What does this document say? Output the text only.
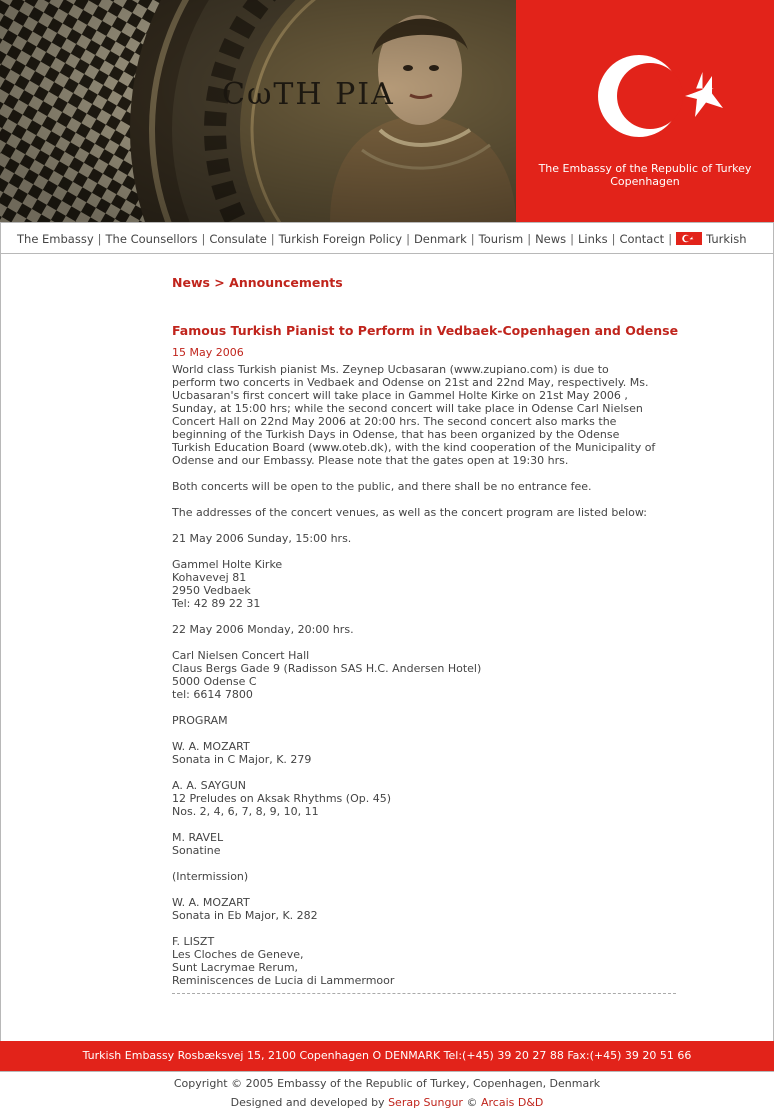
The Embassy of the Republic of Turkey
Copenhagen
The Embassy | The Counsellors | Consulate | Turkish Foreign Policy | Denmark | Tourism | News | Links | Contact |	Turkish
News > Announcements
Famous Turkish Pianist to Perform in Vedbaek-Copenhagen and Odense
15 May 2006
World class Turkish pianist Ms. Zeynep Ucbasaran (www.zupiano.com) is due to
perform two concerts in Vedbaek and Odense on 21st and 22nd May, respectively. Ms.
Ucbasaran's first concert will take place in Gammel Holte Kirke on 21st May 2006 ,
Sunday, at 15:00 hrs; while the second concert will take place in Odense Carl Nielsen
Concert Hall on 22nd May 2006 at 20:00 hrs. The second concert also marks the
beginning of the Turkish Days in Odense, that has been organized by the Odense
Turkish Education Board (www.oteb.dk), with the kind cooperation of the Municipality of
Odense and our Embassy. Please note that the gates open at 19:30 hrs.

Both concerts will be open to the public, and there shall be no entrance fee.

The addresses of the concert venues, as well as the concert program are listed below:

21 May 2006 Sunday, 15:00 hrs.

Gammel Holte Kirke
Kohavevej 81
2950 Vedbaek
Tel: 42 89 22 31

22 May 2006 Monday, 20:00 hrs.

Carl Nielsen Concert Hall
Claus Bergs Gade 9 (Radisson SAS H.C. Andersen Hotel)
5000 Odense C
tel: 6614 7800

PROGRAM

W. A. MOZART
Sonata in C Major, K. 279

A. A. SAYGUN
12 Preludes on Aksak Rhythms (Op. 45)
Nos. 2, 4, 6, 7, 8, 9, 10, 11

M. RAVEL
Sonatine

(Intermission)

W. A. MOZART
Sonata in Eb Major, K. 282

F. LISZT
Les Cloches de Geneve,
Sunt Lacrymae Rerum,
Reminiscences de Lucia di Lammermoor
Turkish Embassy Rosbæksvej 15, 2100 Copenhagen O DENMARK Tel:(+45) 39 20 27 88 Fax:(+45) 39 20 51 66
Copyright © 2005 Embassy of the Republic of Turkey, Copenhagen, Denmark
Designed and developed by Serap Sungur © Arcais D&D
